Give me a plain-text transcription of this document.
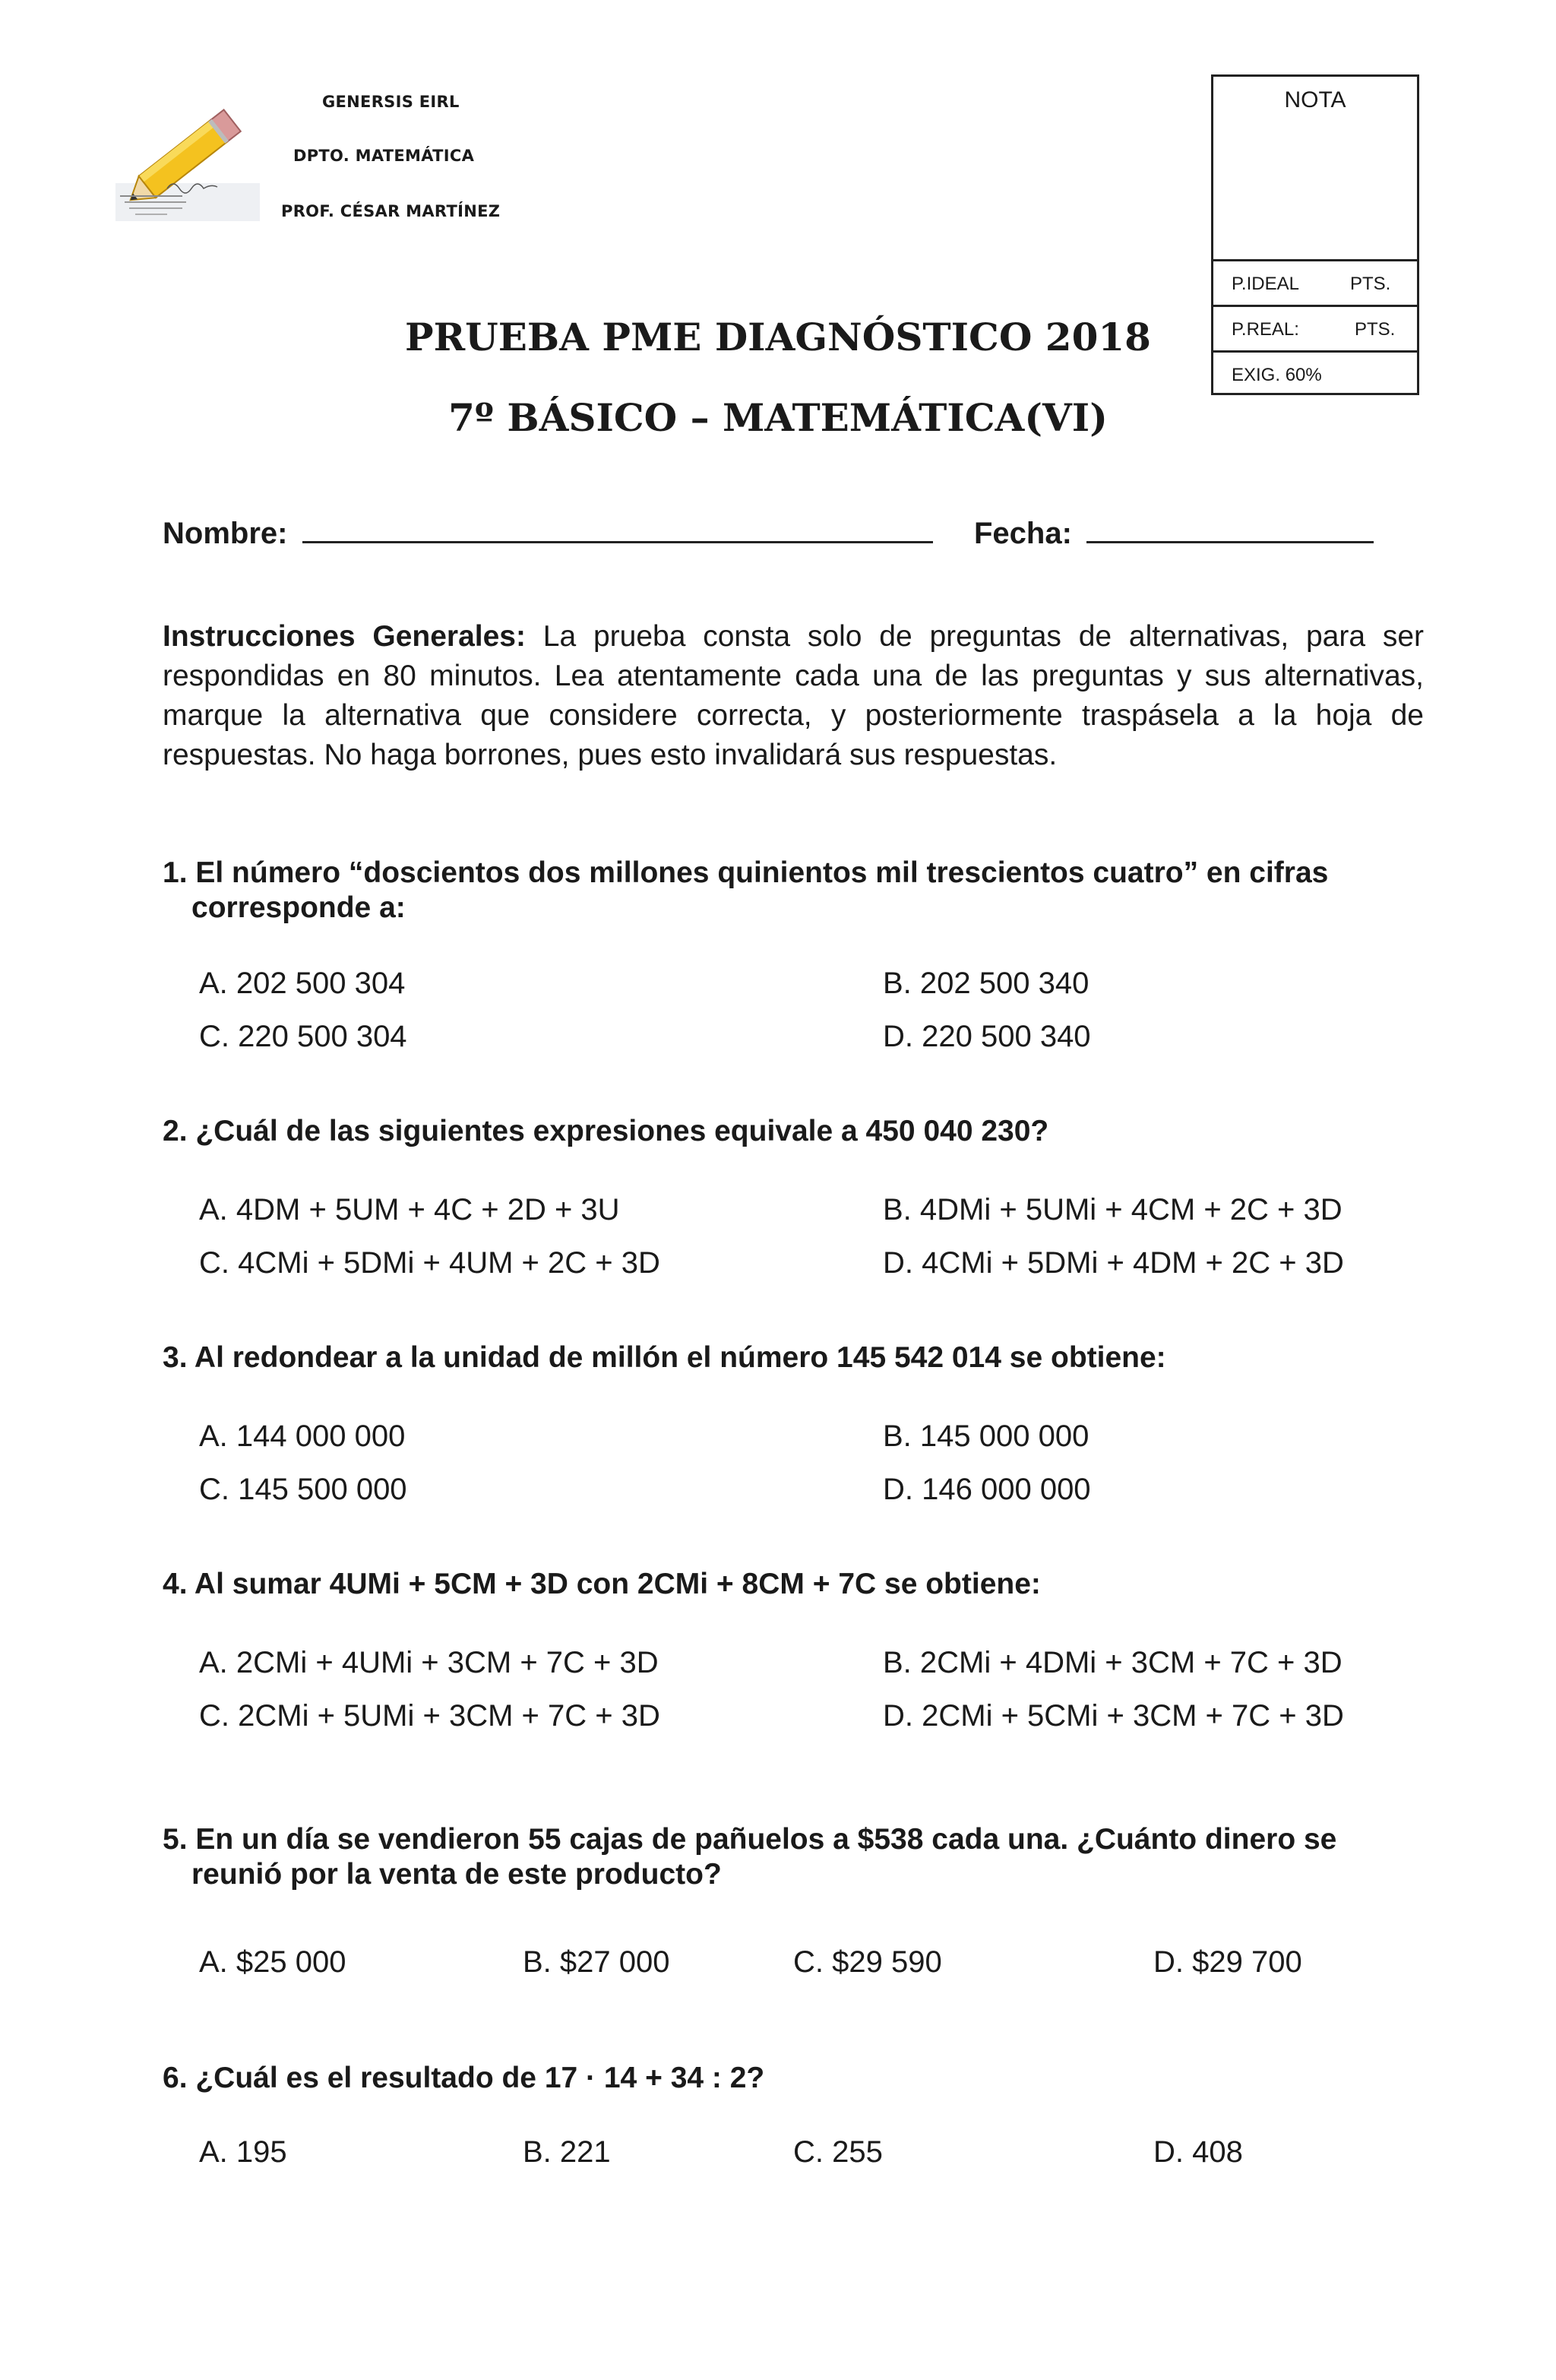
GENERSIS EIRL
DPTO. MATEMÁTICA
PROF. CÉSAR MARTÍNEZ
PRUEBA PME DIAGNÓSTICO 2018
7º BÁSICO – MATEMÁTICA(VI)
NOTA
P.IDEAL	PTS.
P.REAL:	PTS.
EXIG. 60%
Nombre:	Fecha:
Instrucciones Generales: La prueba consta solo de preguntas de alternativas, para ser respondidas en 80 minutos. Lea atentamente cada una de las preguntas y sus alternativas, marque la alternativa que considere correcta, y posteriormente traspásela a la hoja de respuestas. No haga borrones, pues esto invalidará sus respuestas.
1. El número “doscientos dos millones quinientos mil trescientos cuatro” en cifras
corresponde a:
A. 202 500 304	B. 202 500 340
C. 220 500 304	D. 220 500 340
2. ¿Cuál de las siguientes expresiones equivale a 450 040 230?
A. 4DM + 5UM + 4C + 2D + 3U	B. 4DMi + 5UMi + 4CM + 2C + 3D
C. 4CMi + 5DMi + 4UM + 2C + 3D	D. 4CMi + 5DMi + 4DM + 2C + 3D
3. Al redondear a la unidad de millón el número 145 542 014 se obtiene:
A. 144 000 000	B. 145 000 000
C. 145 500 000	D. 146 000 000
4. Al sumar 4UMi + 5CM + 3D con 2CMi + 8CM + 7C se obtiene:
A. 2CMi + 4UMi + 3CM + 7C + 3D	B. 2CMi + 4DMi + 3CM + 7C + 3D
C. 2CMi + 5UMi + 3CM + 7C + 3D	D. 2CMi + 5CMi + 3CM + 7C + 3D
5. En un día se vendieron 55 cajas de pañuelos a $538 cada una. ¿Cuánto dinero se
reunió por la venta de este producto?
A. $25 000	B. $27 000	C. $29 590	D. $29 700
6. ¿Cuál es el resultado de 17 · 14 + 34 : 2?
A. 195	B. 221	C. 255	D. 408
